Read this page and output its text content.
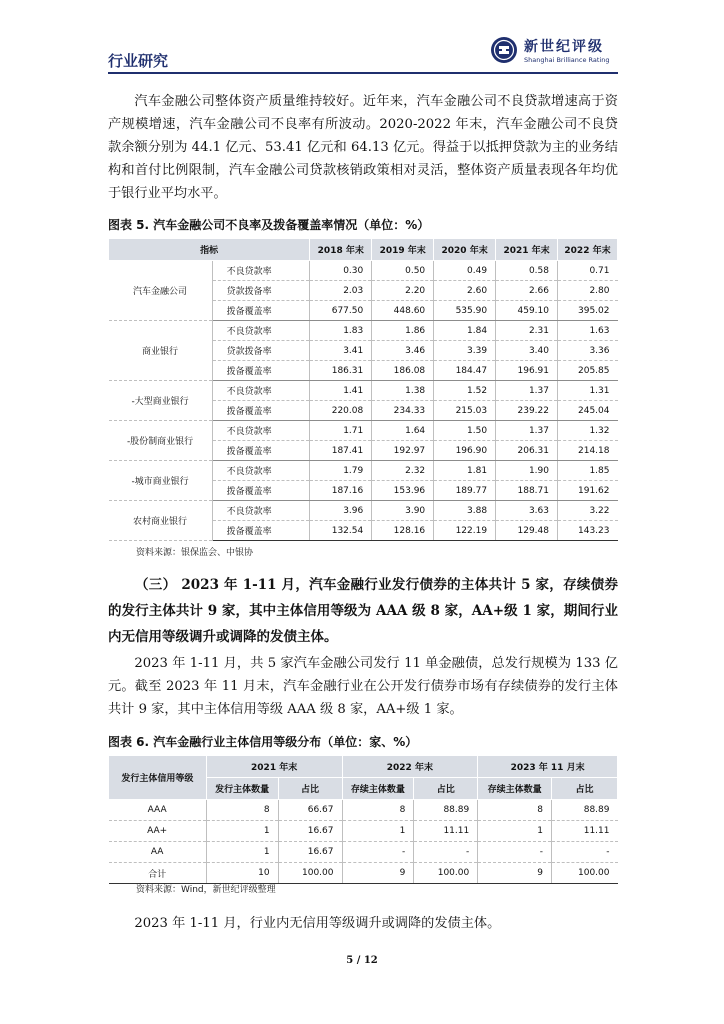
行业研究
新世纪评级
Shanghai Brilliance Rating

汽车金融公司整体资产质量维持较好。近年来，汽车金融公司不良贷款增速高于资产规模增速，汽车金融公司不良率有所波动。2020-2022 年末，汽车金融公司不良贷款余额分别为 44.1 亿元、53.41 亿元和 64.13 亿元。得益于以抵押贷款为主的业务结构和首付比例限制，汽车金融公司贷款核销政策相对灵活，整体资产质量表现各年均优于银行业平均水平。

图表 5. 汽车金融公司不良率及拨备覆盖率情况（单位：%）
指标		2018 年末	2019 年末	2020 年末	2021 年末	2022 年末
汽车金融公司	不良贷款率	0.30	0.50	0.49	0.58	0.71
	贷款拨备率	2.03	2.20	2.60	2.66	2.80
	拨备覆盖率	677.50	448.60	535.90	459.10	395.02
商业银行	不良贷款率	1.83	1.86	1.84	2.31	1.63
	贷款拨备率	3.41	3.46	3.39	3.40	3.36
	拨备覆盖率	186.31	186.08	184.47	196.91	205.85
-大型商业银行	不良贷款率	1.41	1.38	1.52	1.37	1.31
	拨备覆盖率	220.08	234.33	215.03	239.22	245.04
-股份制商业银行	不良贷款率	1.71	1.64	1.50	1.37	1.32
	拨备覆盖率	187.41	192.97	196.90	206.31	214.18
-城市商业银行	不良贷款率	1.79	2.32	1.81	1.90	1.85
	拨备覆盖率	187.16	153.96	189.77	188.71	191.62
农村商业银行	不良贷款率	3.96	3.90	3.88	3.63	3.22
	拨备覆盖率	132.54	128.16	122.19	129.48	143.23
资料来源：银保监会、中银协

（三） 2023 年 1-11 月，汽车金融行业发行债券的主体共计 5 家，存续债券的发行主体共计 9 家，其中主体信用等级为 AAA 级 8 家，AA+级 1 家，期间行业内无信用等级调升或调降的发债主体。

2023 年 1-11 月，共 5 家汽车金融公司发行 11 单金融债，总发行规模为 133 亿元。截至 2023 年 11 月末，汽车金融行业在公开发行债券市场有存续债券的发行主体共计 9 家，其中主体信用等级 AAA 级 8 家，AA+级 1 家。

图表 6. 汽车金融行业主体信用等级分布（单位：家、%）
发行主体信用等级	2021 年末		2022 年末		2023 年 11 月末	
	发行主体数量	占比	存续主体数量	占比	存续主体数量	占比
AAA	8	66.67	8	88.89	8	88.89
AA+	1	16.67	1	11.11	1	11.11
AA	1	16.67	-	-	-	-
合计	10	100.00	9	100.00	9	100.00
资料来源：Wind，新世纪评级整理

2023 年 1-11 月，行业内无信用等级调升或调降的发债主体。

5 / 12
